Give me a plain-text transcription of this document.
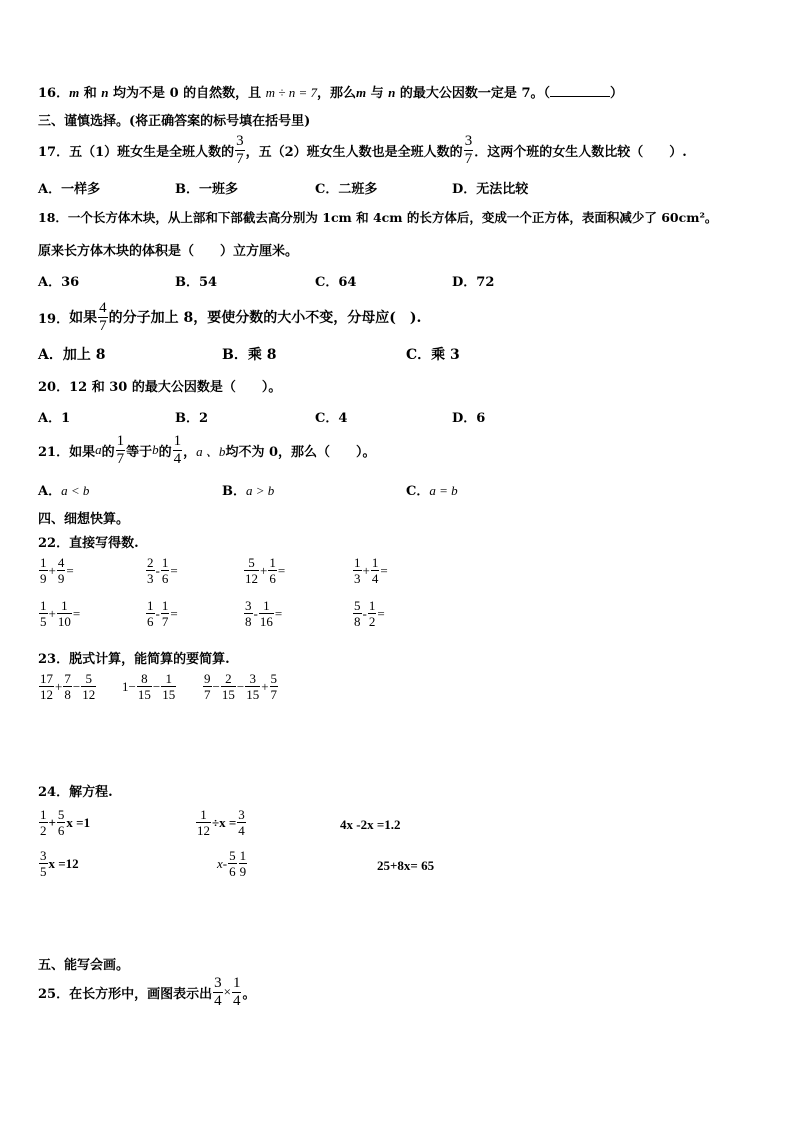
16．m 和 n 均为不是 0 的自然数，且 m ÷ n = 7，那么m 与 n 的最大公因数一定是 7。（	）
三、谨慎选择。(将正确答案的标号填在括号里)
17． 五（1）班女生是全班人数的 $\frac{3}{7}$ ，五（2）班女生人数也是全班人数的 $\frac{3}{7}$ ．这两个班的女生人数比较（　　）.
A．一样多	B．一班多	C．二班多	D．无法比较
18．一个长方体木块，从上部和下部截去高分别为 1cm 和 4cm 的长方体后，变成一个正方体，表面积减少了 60cm²。
原来长方体木块的体积是（　　）立方厘米。
A．36	B．54	C．64	D．72
19． 如果 $\frac{4}{7}$ 的分子加上 8，要使分数的大小不变，分母应(　).
A．加上 8	B．乘 8	C．乘 3
20．12 和 30 的最大公因数是（　　）。
A．1	B．2	C．4	D．6
21． 如果 a 的 $\frac{1}{7}$ 等于 b 的 $\frac{1}{4}$ ， a 、b 均不为 0，那么（　　）。
A．a < b	B．a > b	C．a = b
四、细想快算。
22．直接写得数.
$\frac{1}{9} + \frac{4}{9}$ =	$\frac{2}{3} - \frac{1}{6}$ =	$\frac{5}{12} + \frac{1}{6}$ =	$\frac{1}{3} + \frac{1}{4}$ =
$\frac{1}{5} + \frac{1}{10}$ =	$\frac{1}{6} - \frac{1}{7}$ =	$\frac{3}{8} - \frac{1}{16}$ =	$\frac{5}{8} - \frac{1}{2}$ =
23．脱式计算，能简算的要简算.
$\frac{17}{12} + \frac{7}{8} - \frac{5}{12} 1- \frac{8}{15} - \frac{1}{15} \frac{9}{7} - \frac{2}{15} - \frac{3}{15} + \frac{5}{7}$
24．解方程.
$\frac{1}{2} + \frac{5}{6}$ x =1	$\frac{1}{12} \div x = \frac{3}{4}$	4x -2x =1.2
$\frac{3}{5}$ x =12	$x- \frac{5}{6} \frac{1}{9}$	25+8x= 65
五、能写会画。
25． 在长方形中，画图表示出 $\frac{3}{4} \times \frac{1}{4}$ 。
